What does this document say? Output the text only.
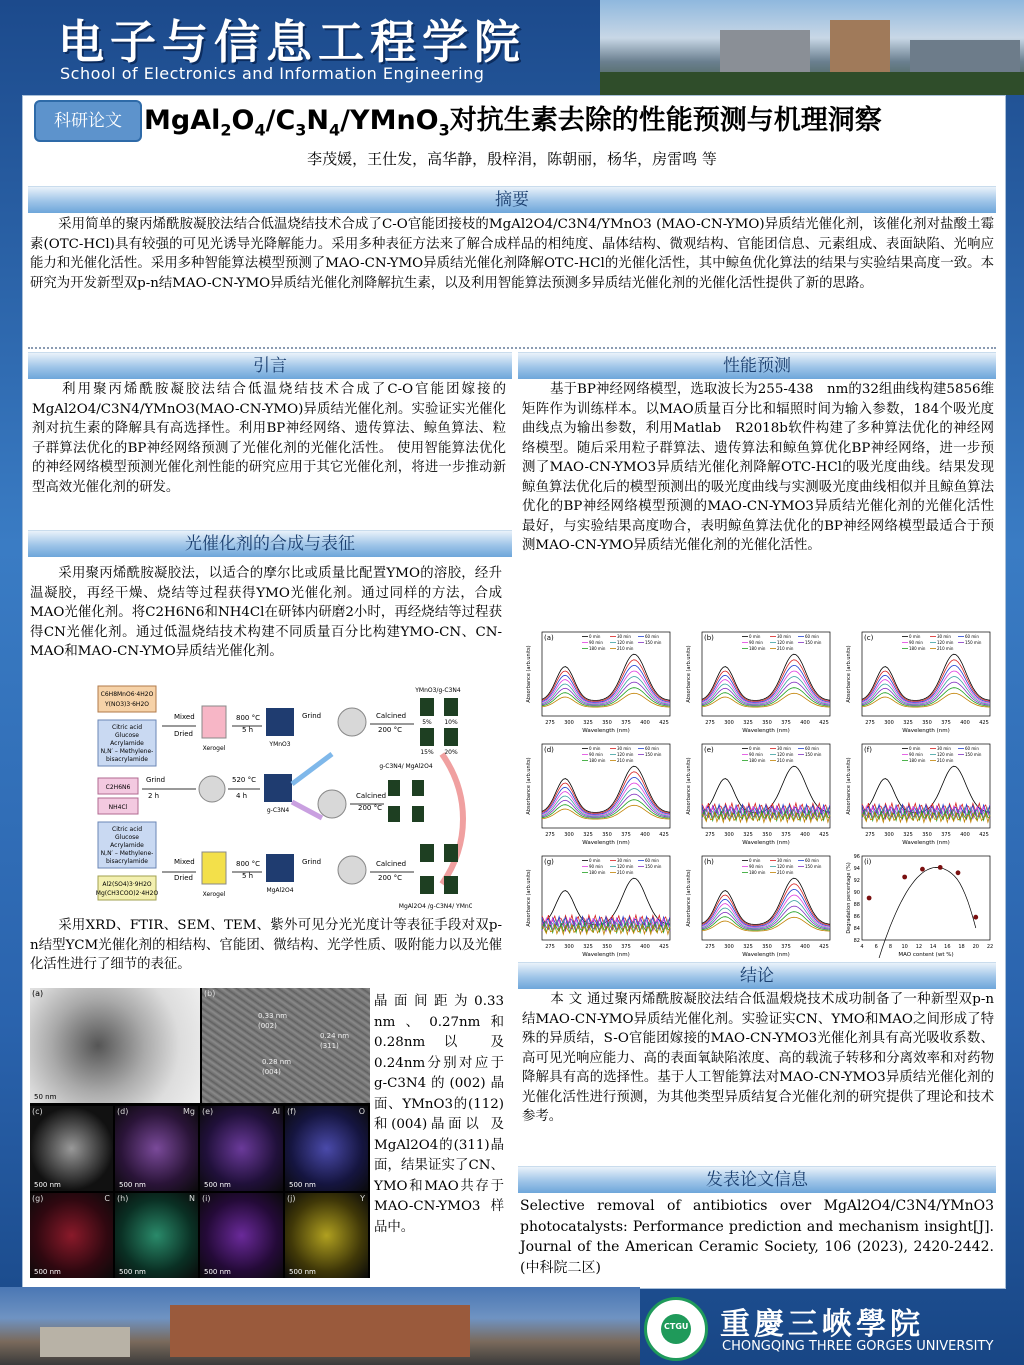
电子与信息工程学院
School of Electronics and Information Engineering
科研论文 $MgAl_2O_4/C_3N_4/YMnO_3$对抗生素去除的性能预测与机理洞察
李茂媛，王仕发，高华静，殷梓涓，陈朝丽，杨华，房雷鸣 等
摘要
采用简单的聚丙烯酰胺凝胶法结合低温烧结技术合成了C-O官能团接枝的MgAl2O4/C3N4/YMnO3 (MAO-CN-YMO)异质结光催化剂，该催化剂对盐酸土霉素(OTC-HCl)具有较强的可见光诱导光降解能力。采用多种表征方法来了解合成样品的相纯度、晶体结构、微观结构、官能团信息、元素组成、表面缺陷、光响应能力和光催化活性。采用多种智能算法模型预测了MAO-CN-YMO异质结光催化剂降解OTC-HCl的光催化活性，其中鲸鱼优化算法的结果与实验结果高度一致。本研究为开发新型双p-n结MAO-CN-YMO异质结光催化剂降解抗生素，以及利用智能算法预测多异质结光催化剂的光催化活性提供了新的思路。
引言
利用聚丙烯酰胺凝胶法结合低温烧结技术合成了C-O官能团嫁接的MgAl2O4/C3N4/YMnO3(MAO-CN-YMO)异质结光催化剂。实验证实光催化剂对抗生素的降解具有高选择性。利用BP神经网络、遗传算法、鲸鱼算法、粒子群算法优化的BP神经网络预测了光催化剂的光催化活性。 使用智能算法优化的神经网络模型预测光催化剂性能的研究应用于其它光催化剂，将进一步推动新型高效光催化剂的研发。
光催化剂的合成与表征
采用聚丙烯酰胺凝胶法，以适合的摩尔比或质量比配置YMO的溶胶，经升温凝胶，再经干燥、烧结等过程获得YMO光催化剂。通过同样的方法，合成MAO光催化剂。将C2H6N6和NH4Cl在研钵内研磨2小时，再经烧结等过程获得CN光催化剂。通过低温烧结技术构建不同质量百分比构建YMO-CN、CN-MAO和MAO-CN-YMO异质结光催化剂。
C6H8MnO6·4H2O
Y(NO3)3·6H2O
Citric acid
Glucose
Acrylamide
N,N′ – Methylene-
bisacrylamide
C2H6N6
NH4Cl
Citric acid
Glucose
Acrylamide
N,N′ – Methylene-
bisacrylamide
Al2(SO4)3·9H2O
Mg(CH3COO)2·4H2O
Mixed
Dried
Xerogel
800 °C
5 h
YMnO3
Grind	Calcined
200 °C
YMnO3/g-C3N4
5% 10%
15% 20%
Grind
2 h
520 °C
4 h
g-C3N4
Calcined
200 °C
g-C3N4/ MgAl2O4
Mixed
Dried
Xerogel
800 °C
5 h
MgAl2O4
Grind	Calcined
200 °C
MgAl2O4 /g-C3N4/ YMnO3
采用XRD、FTIR、SEM、TEM、紫外可见分光光度计等表征手段对双p-n结型YCM光催化剂的相结构、官能团、微结构、光学性质、吸附能力以及光催化活性进行了细节的表征。
(a)
50 nm
(b)
0.33 nm
(002)
0.28 nm
(004)
0.24 nm
(311)
(c)
500 nm
(d)	Mg
500 nm
(e)	Al
500 nm
(f)	O
500 nm
(g)	C
500 nm
(h)	N
500 nm
(i)
500 nm
(j)	Y
500 nm
晶面间距为0.33 nm、0.27nm和 0.28nm 以 及0.24nm分别对应于 g-C3N4的(002)晶面、YMnO3的(112)和(004)晶面以 及 MgAl2O4的(311)晶面，结果证实了CN、YMO和MAO共存于MAO-CN-YMO3样品中。
性能预测
基于BP神经网络模型，选取波长为255-438　nm的32组曲线构建5856维矩阵作为训练样本。以MAO质量百分比和辐照时间为输入参数，184个吸光度曲线点为输出参数，利用Matlab　R2018b软件构建了多种算法优化的神经网络模型。随后采用粒子群算法、遗传算法和鲸鱼算优化BP神经网络，进一步预测了MAO-CN-YMO3异质结光催化剂降解OTC-HCl的吸光度曲线。结果发现鲸鱼算法优化后的模型预测出的吸光度曲线与实测吸光度曲线相似并且鲸鱼算法优化的BP神经网络模型预测的MAO-CN-YMO3异质结光催化剂的光催化活性最好，与实验结果高度吻合，表明鲸鱼算法优化的BP神经网络模型最适合于预测MAO-CN-YMO异质结光催化剂的光催化活性。
(a)
Absorbance (arb.units)
Wavelength (nm)
275 300 325 350 375 400 425
0 min	30 min	60 min
90 min	120 min	150 min
180 min	210 min
(b)
Absorbance (arb.units)
Wavelength (nm)
275 300 325 350 375 400 425
0 min	30 min	60 min
90 min	120 min	150 min
180 min	210 min
(c)
Absorbance (arb.units)
Wavelength (nm)
275 300 325 350 375 400 425
0 min	30 min	60 min
90 min	120 min	150 min
180 min	210 min
(d)
Absorbance (arb.units)
Wavelength (nm)
275 300 325 350 375 400 425
0 min	30 min	60 min
90 min	120 min	150 min
180 min	210 min
(e)
Absorbance (arb.units)
Wavelength (nm)
275 300 325 350 375 400 425
0 min	30 min	60 min
90 min	120 min	150 min
180 min	210 min
(f)
Absorbance (arb.units)
Wavelength (nm)
275 300 325 350 375 400 425
0 min	30 min	60 min
90 min	120 min	150 min
180 min	210 min
(g)
Absorbance (arb.units)
Wavelength (nm)
275 300 325 350 375 400 425
0 min	30 min	60 min
90 min	120 min	150 min
180 min	210 min
(h)
Absorbance (arb.units)
Wavelength (nm)
275 300 325 350 375 400 425
0 min	30 min	60 min
90 min	120 min	150 min
180 min	210 min
(i)
Degradation percentage (%)
MAO content (wt %)
4 6 8 10 12 14 16 18 20 22
82
84
86
88
90
92
94
96
结论
本 文 通过聚丙烯酰胺凝胶法结合低温煅烧技术成功制备了一种新型双p-n结MAO-CN-YMO异质结光催化剂。实验证实CN、YMO和MAO之间形成了特殊的异质结，S-O官能团嫁接的MAO-CN-YMO3光催化剂具有高光吸收系数、高可见光响应能力、高的表面氧缺陷浓度、高的载流子转移和分离效率和对药物降解具有高的选择性。基于人工智能算法对MAO-CN-YMO3异质结光催化剂的光催化活性进行预测，为其他类型异质结复合光催化剂的研究提供了理论和技术参考。
发表论文信息
Selective removal of antibiotics over MgAl2O4/C3N4/YMnO3 photocatalysts: Performance prediction and mechanism insight[J]. Journal of the American Ceramic Society, 106 (2023), 2420-2442.(中科院二区)
CTGU 重慶三峽學院
CHONGQING THREE GORGES UNIVERSITY
